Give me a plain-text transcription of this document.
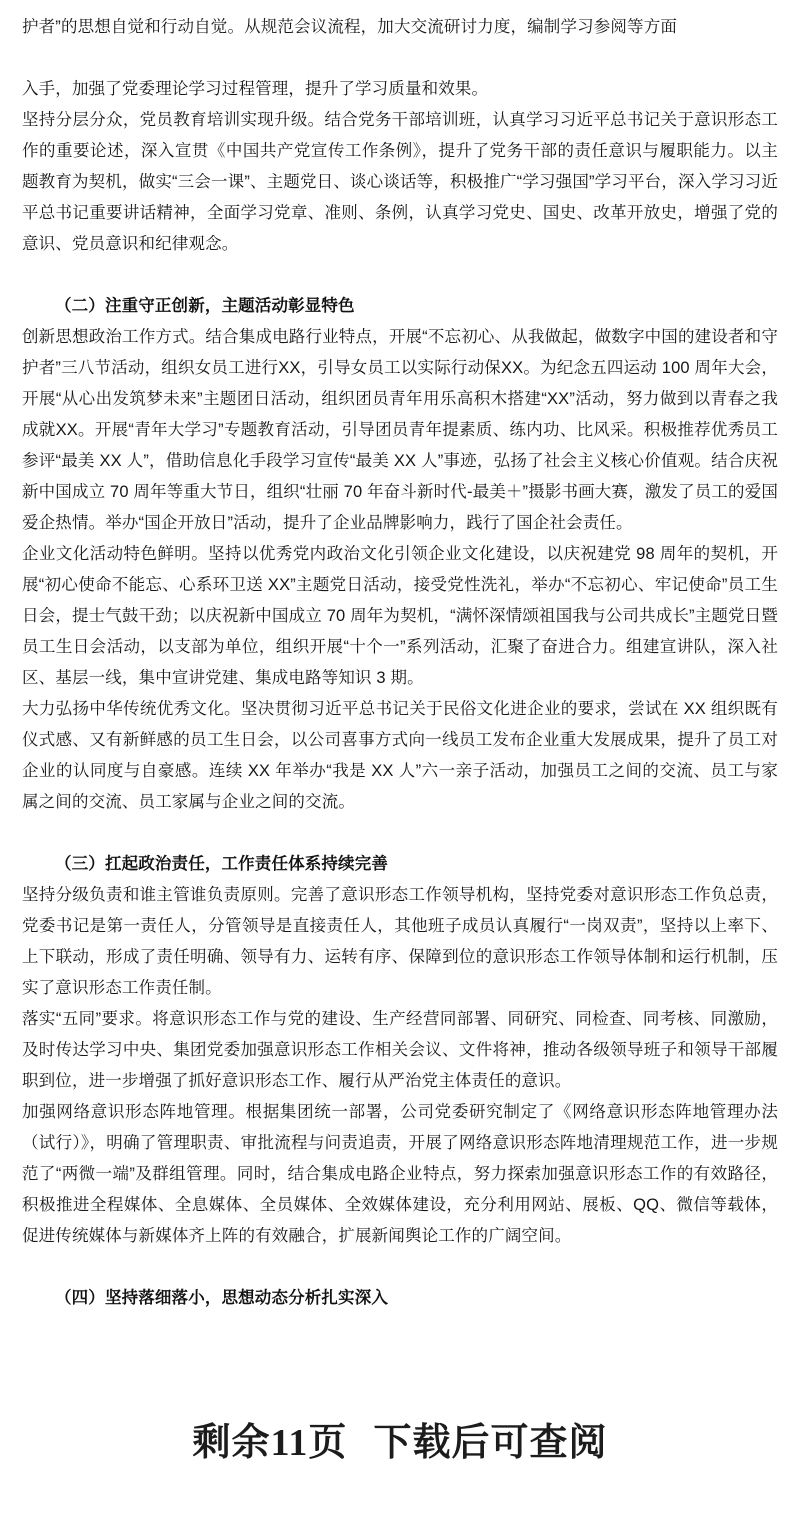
护者”的思想自觉和行动自觉。从规范会议流程，加大交流研讨力度，编制学习参阅等方面

入手，加强了党委理论学习过程管理，提升了学习质量和效果。

坚持分层分众，党员教育培训实现升级。结合党务干部培训班，认真学习习近平总书记关于意识形态工作的重要论述，深入宣贯《中国共产党宣传工作条例》，提升了党务干部的责任意识与履职能力。以主题教育为契机，做实“三会一课”、主题党日、谈心谈话等，积极推广“学习强国”学习平台，深入学习习近平总书记重要讲话精神，全面学习党章、准则、条例，认真学习党史、国史、改革开放史，增强了党的意识、党员意识和纪律观念。

（二）注重守正创新，主题活动彰显特色

创新思想政治工作方式。结合集成电路行业特点，开展“不忘初心、从我做起，做数字中国的建设者和守护者”三八节活动，组织女员工进行XX，引导女员工以实际行动保XX。为纪念五四运动 100 周年大会，开展“从心出发筑梦未来”主题团日活动，组织团员青年用乐高积木搭建“XX”活动，努力做到以青春之我成就XX。开展“青年大学习”专题教育活动，引导团员青年提素质、练内功、比风采。积极推荐优秀员工参评“最美 XX 人”，借助信息化手段学习宣传“最美 XX 人”事迹，弘扬了社会主义核心价值观。结合庆祝新中国成立 70 周年等重大节日，组织“壮丽 70 年奋斗新时代-最美＋”摄影书画大赛，激发了员工的爱国爱企热情。举办“国企开放日”活动，提升了企业品牌影响力，践行了国企社会责任。

企业文化活动特色鲜明。坚持以优秀党内政治文化引领企业文化建设，以庆祝建党 98 周年的契机，开展“初心使命不能忘、心系环卫送 XX”主题党日活动，接受党性洗礼，举办“不忘初心、牢记使命”员工生日会，提士气鼓干劲；以庆祝新中国成立 70 周年为契机，“满怀深情颂祖国我与公司共成长”主题党日暨员工生日会活动，以支部为单位，组织开展“十个一”系列活动，汇聚了奋进合力。组建宣讲队，深入社区、基层一线，集中宣讲党建、集成电路等知识 3 期。

大力弘扬中华传统优秀文化。坚决贯彻习近平总书记关于民俗文化进企业的要求，尝试在 XX 组织既有仪式感、又有新鲜感的员工生日会，以公司喜事方式向一线员工发布企业重大发展成果，提升了员工对企业的认同度与自豪感。连续 XX 年举办“我是 XX 人”六一亲子活动，加强员工之间的交流、员工与家属之间的交流、员工家属与企业之间的交流。

（三）扛起政治责任，工作责任体系持续完善

坚持分级负责和谁主管谁负责原则。完善了意识形态工作领导机构，坚持党委对意识形态工作负总责，党委书记是第一责任人，分管领导是直接责任人，其他班子成员认真履行“一岗双责”，坚持以上率下、上下联动，形成了责任明确、领导有力、运转有序、保障到位的意识形态工作领导体制和运行机制，压实了意识形态工作责任制。

落实“五同”要求。将意识形态工作与党的建设、生产经营同部署、同研究、同检查、同考核、同激励，及时传达学习中央、集团党委加强意识形态工作相关会议、文件将神，推动各级领导班子和领导干部履职到位，进一步增强了抓好意识形态工作、履行从严治党主体责任的意识。

加强网络意识形态阵地管理。根据集团统一部署，公司党委研究制定了《网络意识形态阵地管理办法（试行）》，明确了管理职责、审批流程与问责追责，开展了网络意识形态阵地清理规范工作，进一步规范了“两微一端”及群组管理。同时，结合集成电路企业特点，努力探索加强意识形态工作的有效路径，积极推进全程媒体、全息媒体、全员媒体、全效媒体建设，充分利用网站、展板、QQ、微信等载体，促进传统媒体与新媒体齐上阵的有效融合，扩展新闻舆论工作的广阔空间。

（四）坚持落细落小，思想动态分析扎实深入

剩余11页 下载后可查阅
